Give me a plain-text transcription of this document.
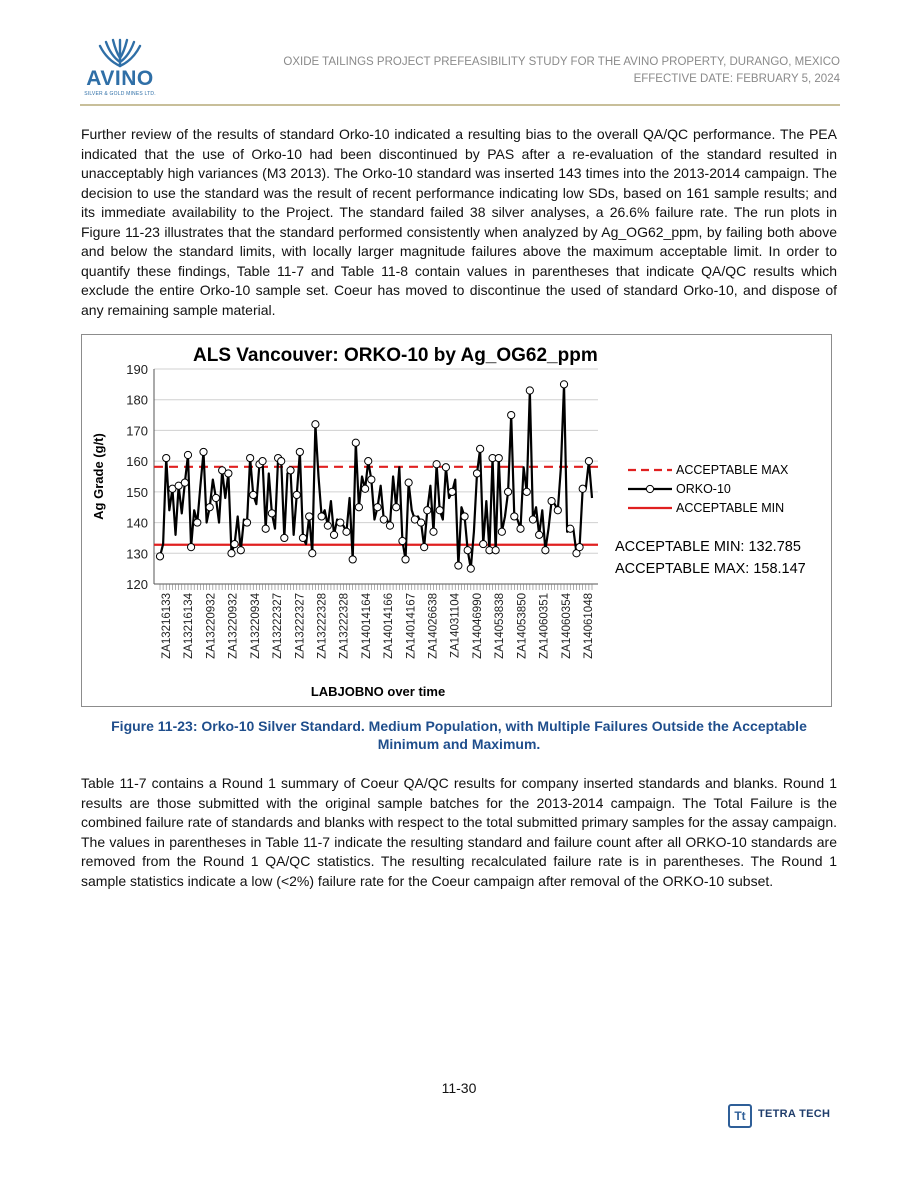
AVINO
SILVER & GOLD MINES LTD.
OXIDE TAILINGS PROJECT PREFEASIBILITY STUDY FOR THE AVINO PROPERTY, DURANGO, MEXICO
EFFECTIVE DATE: FEBRUARY 5, 2024

Further review of the results of standard Orko-10 indicated a resulting bias to the overall QA/QC performance. The PEA indicated that the use of Orko-10 had been discontinued by PAS after a re-evaluation of the standard resulted in unacceptably high variances (M3 2013). The Orko-10 standard was inserted 143 times into the 2013-2014 campaign. The decision to use the standard was the result of recent performance indicating low SDs, based on 161 sample results; and its immediate availability to the Project. The standard failed 38 silver analyses, a 26.6% failure rate. The run plots in Figure 11-23 illustrates that the standard performed consistently when analyzed by Ag_OG62_ppm, by failing both above and below the standard limits, with locally larger magnitude failures above the maximum acceptable limit. In order to quantify these findings, Table 11-7 and Table 11-8 contain values in parentheses that indicate QA/QC results which exclude the entire Orko-10 sample set. Coeur has moved to discontinue the used of standard Orko-10, and dispose of any remaining sample material.

ALS Vancouver: ORKO-10 by Ag_OG62_ppm
120
130
140
150
160
170
180
190
Ag Grade (g/t)
ZA13216133 ZA13216134 ZA13220932 ZA13220932 ZA13220934 ZA13222327 ZA13222327 ZA13222328 ZA13222328 ZA14014164 ZA14014166 ZA14014167 ZA14026638 ZA14031104 ZA14046990 ZA14053838 ZA14053850 ZA14060351 ZA14060354 ZA14061048
LABJOBNO over time
ACCEPTABLE MAX
ORKO-10
ACCEPTABLE MIN
ACCEPTABLE MIN: 132.785
ACCEPTABLE MAX: 158.147
Figure 11-23: Orko-10 Silver Standard. Medium Population, with Multiple Failures Outside the Acceptable Minimum and Maximum.

Table 11-7 contains a Round 1 summary of Coeur QA/QC results for company inserted standards and blanks. Round 1 results are those submitted with the original sample batches for the 2013-2014 campaign. The Total Failure is the combined failure rate of standards and blanks with respect to the total submitted primary samples for the assay campaign. The values in parentheses in Table 11-7 indicate the resulting standard and failure count after all ORKO-10 standards are removed from the Round 1 QA/QC statistics. The resulting recalculated failure rate is in parentheses. The Round 1 sample statistics indicate a low (<2%) failure rate for the Coeur campaign after removal of the ORKO-10 subset.

11-30
Tt	TETRA TECH
